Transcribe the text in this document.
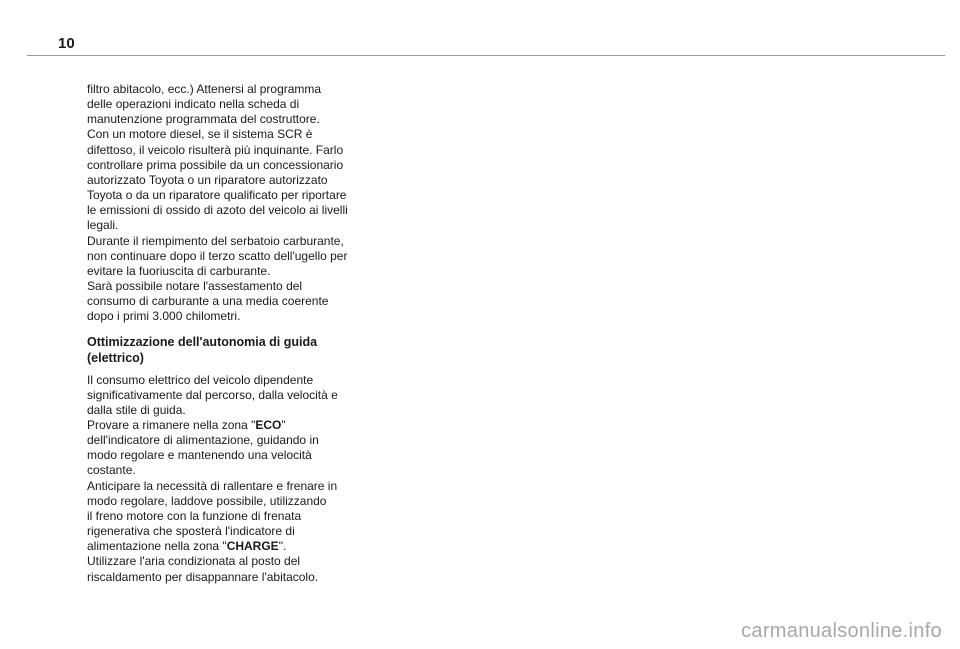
10

filtro abitacolo, ecc.) Attenersi al programma

delle operazioni indicato nella scheda di

manutenzione programmata del costruttore.

Con un motore diesel, se il sistema SCR è

difettoso, il veicolo risulterà più inquinante. Farlo

controllare prima possibile da un concessionario

autorizzato Toyota o un riparatore autorizzato

Toyota o da un riparatore qualificato per riportare

le emissioni di ossido di azoto del veicolo ai livelli

legali.

Durante il riempimento del serbatoio carburante,

non continuare dopo il terzo scatto dell'ugello per

evitare la fuoriuscita di carburante.

Sarà possibile notare l'assestamento del

consumo di carburante a una media coerente

dopo i primi 3.000 chilometri.

Ottimizzazione dell'autonomia di guida
(elettrico)

Il consumo elettrico del veicolo dipendente

significativamente dal percorso, dalla velocità e

dalla stile di guida.

Provare a rimanere nella zona "ECO"

dell'indicatore di alimentazione, guidando in

modo regolare e mantenendo una velocità

costante.

Anticipare la necessità di rallentare e frenare in

modo regolare, laddove possibile, utilizzando

il freno motore con la funzione di frenata

rigenerativa che sposterà l'indicatore di

alimentazione nella zona "CHARGE".

Utilizzare l'aria condizionata al posto del

riscaldamento per disappannare l'abitacolo.

carmanualsonline.info
